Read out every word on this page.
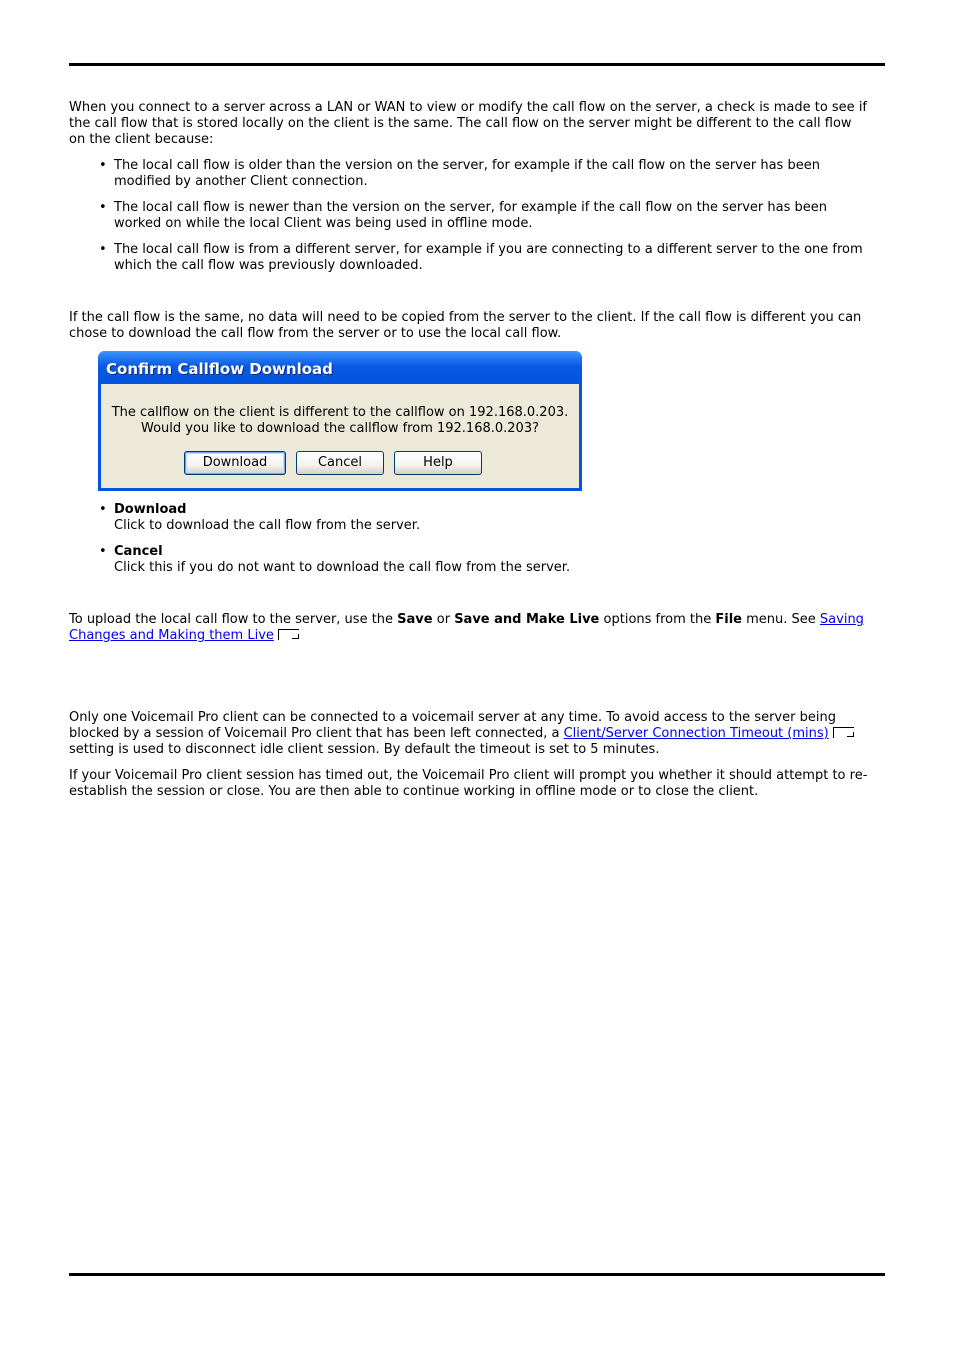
When you connect to a server across a LAN or WAN to view or modify the call flow on the server, a check is made to see if the call flow that is stored locally on the client is the same. The call flow on the server might be different to the call flow on the client because:

• The local call flow is older than the version on the server, for example if the call flow on the server has been modified by another Client connection.
• The local call flow is newer than the version on the server, for example if the call flow on the server has been worked on while the local Client was being used in offline mode.
• The local call flow is from a different server, for example if you are connecting to a different server to the one from which the call flow was previously downloaded.

If the call flow is the same, no data will need to be copied from the server to the client. If the call flow is different you can chose to download the call flow from the server or to use the local call flow.

Confirm Callflow Download
The callflow on the client is different to the callflow on 192.168.0.203.
Would you like to download the callflow from 192.168.0.203?
Download	Cancel	Help
• Download
Click to download the call flow from the server.
• Cancel
Click this if you do not want to download the call flow from the server.

To upload the local call flow to the server, use the Save or Save and Make Live options from the File menu. See Saving Changes and Making them Live

Only one Voicemail Pro client can be connected to a voicemail server at any time. To avoid access to the server being blocked by a session of Voicemail Pro client that has been left connected, a Client/Server Connection Timeout (mins) setting is used to disconnect idle client session. By default the timeout is set to 5 minutes.

If your Voicemail Pro client session has timed out, the Voicemail Pro client will prompt you whether it should attempt to re-establish the session or close. You are then able to continue working in offline mode or to close the client.
